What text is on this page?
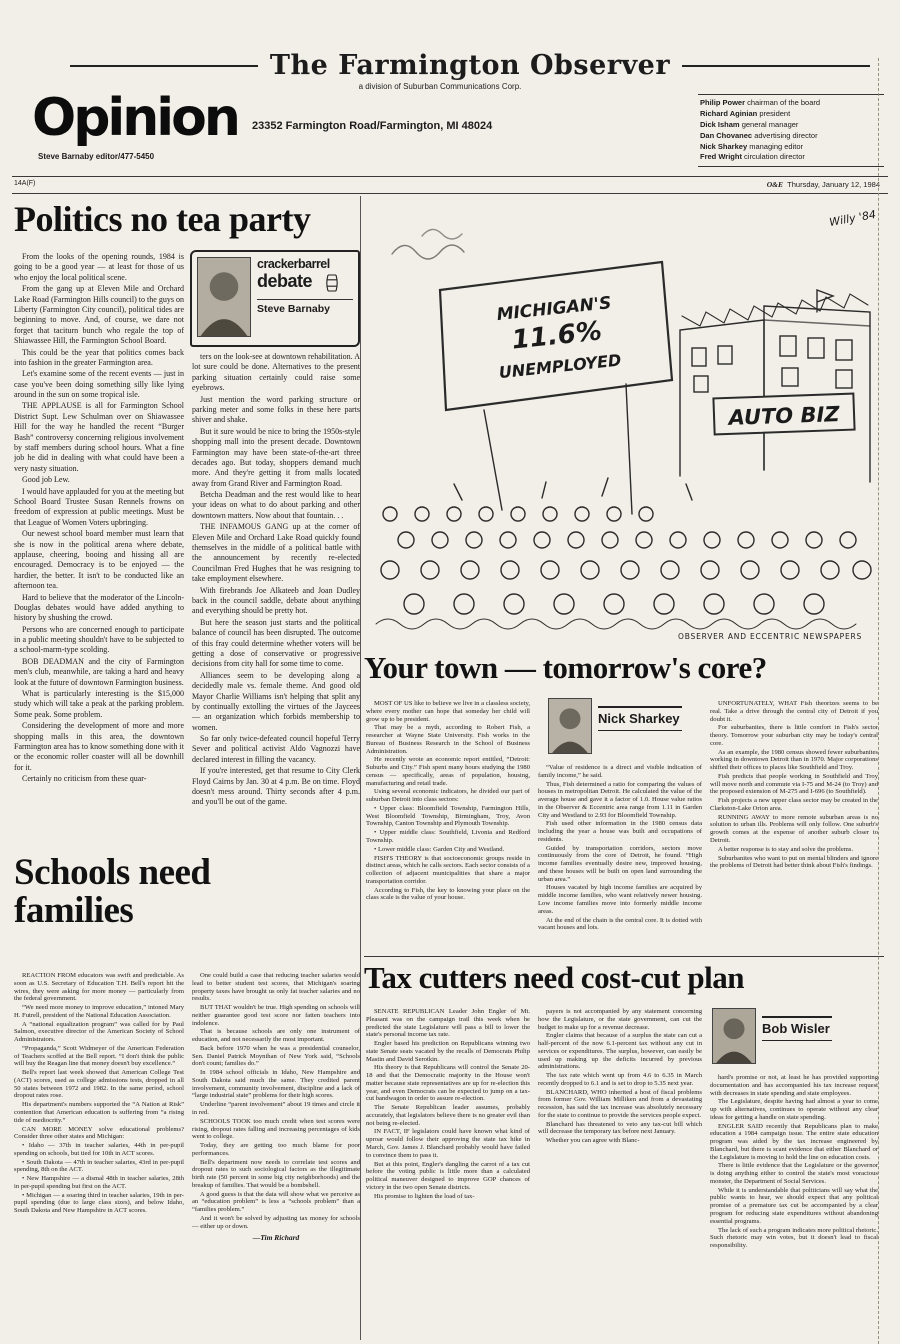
The Farmington Observer
a division of Suburban Communications Corp.
Opinion
Steve Barnaby editor/477-5450
23352 Farmington Road/Farmington, MI 48024
Philip Power chairman of the board
Richard Aginian president
Dick Isham general manager
Dan Chovanec advertising director
Nick Sharkey managing editor
Fred Wright circulation director
14A(F)	O&E Thursday, January 12, 1984
Politics no tea party

From the looks of the opening rounds, 1984 is going to be a good year — at least for those of us who enjoy the local political scene.

From the gang up at Eleven Mile and Orchard Lake Road (Farmington Hills council) to the guys on Liberty (Farmington City council), political tides are beginning to move. And, of course, we dare not forget that taciturn bunch who regale the top of Shiawassee Hill, the Farmington School Board.

This could be the year that politics comes back into fashion in the greater Farmington area.

Let's examine some of the recent events — just in case you've been doing something silly like lying around in the sun on some tropical isle.

THE APPLAUSE is all for Farmington School District Supt. Lew Schulman over on Shiawassee Hill for the way he handled the recent “Burger Bash” controversy concerning religious involvement by staff members during school hours. What a fine job he did in dealing with what could have been a very nasty situation.

Good job Lew.

I would have applauded for you at the meeting but School Board Trustee Susan Rennels frowns on freedom of expression at public meetings. Must be that League of Women Voters upbringing.

Our newest school board member must learn that she is now in the political arena where debate, applause, cheering, booing and hissing all are encouraged. Democracy is to be enjoyed — the hardier, the better. It isn't to be conducted like an afternoon tea.

Hard to believe that the moderator of the Lincoln-Douglas debates would have added anything to history by shushing the crowd.

Persons who are concerned enough to participate in a public meeting shouldn't have to be subjected to a school-marm-type scolding.

BOB DEADMAN and the city of Farmington men's club, meanwhile, are taking a hard and heavy look at the future of downtown Farmington business.

What is particularly interesting is the $15,000 study which will take a peak at the parking problem. Some peak. Some problem.

Considering the development of more and more shopping malls in this area, the downtown Farmington area has to know something done with it or the economic roller coaster will all be downhill for it.

Certainly no criticism from these quar-

crackerbarrel
debate
Steve Barnaby

ters on the look-see at downtown rehabilitation. A lot sure could be done. Alternatives to the present parking situation certainly could raise some eyebrows.

Just mention the word parking structure or parking meter and some folks in these here parts shiver and shake.

But it sure would be nice to bring the 1950s-style shopping mall into the present decade. Downtown Farmington may have been state-of-the-art three decades ago. But today, shoppers demand much more. And they're getting it from malls located away from Grand River and Farmington Road.

Betcha Deadman and the rest would like to hear your ideas on what to do about parking and other downtown matters. Now about that fountain. . .

THE INFAMOUS GANG up at the corner of Eleven Mile and Orchard Lake Road quickly found themselves in the middle of a political battle with the announcement by recently re-elected Councilman Fred Hughes that he was resigning to take employment elsewhere.

With firebrands Joe Alkateeb and Joan Dudley back in the council saddle, debate about anything and everything should be pretty hot.

But here the season just starts and the political balance of council has been disrupted. The outcome of this fray could determine whether voters will be getting a dose of conservative or progressive decisions from city hall for some time to come.

Alliances seem to be developing along a decidedly male vs. female theme. And good old Mayor Charlie Williams isn't helping that split any by continually extolling the virtues of the Jaycees — an organization which forbids membership to women.

So far only twice-defeated council hopeful Terry Sever and political activist Aldo Vagnozzi have declared interest in filling the vacancy.

If you're interested, get that resume to City Clerk Floyd Cairns by Jan. 30 at 4 p.m. Be on time. Floyd doesn't mess around. Thirty seconds after 4 p.m. and you'll be out of the game.

MICHIGAN'S
11.6%
UNEMPLOYED
AUTO BIZ
Willy '84
OBSERVER AND ECCENTRIC NEWSPAPERS
Your town — tomorrow's core?

MOST OF US like to believe we live in a classless society, where every mother can hope that someday her child will grow up to be president.

That may be a myth, according to Robert Fish, a researcher at Wayne State University. Fish works in the Bureau of Business Research in the School of Business Administration.

He recently wrote an economic report entitled, “Detroit: Suburbs and City.” Fish spent many hours studying the 1980 census — specifically, areas of population, housing, manufacturing and retail trade.

Using several economic indicators, he divided our part of suburban Detroit into class sectors:

• Upper class: Bloomfield Township, Farmington Hills, West Bloomfield Township, Birmingham, Troy, Avon Township, Canton Township and Plymouth Township.

• Upper middle class: Southfield, Livonia and Redford Township.

• Lower middle class: Garden City and Westland.

FISH'S THEORY is that socioeconomic groups reside in distinct areas, which he calls sectors. Each sector consists of a collection of adjacent municipalities that share a major transportation corridor.

According to Fish, the key to knowing your place on the class scale is the value of your house.

Nick Sharkey

“Value of residence is a direct and visible indication of family income,” he said.

Thus, Fish determined a ratio for comparing the values of houses in metropolitan Detroit. He calculated the value of the average house and gave it a factor of 1.0. House value ratios in the Observer & Eccentric area range from 1.11 in Garden City and Westland to 2.93 for Bloomfield Township.

Fish used other information in the 1980 census data including the year a house was built and occupations of residents.

Guided by transportation corridors, sectors move continuously from the core of Detroit, he found. “High income families eventually desire new, improved housing, and these houses will be built on open land surrounding the urban area.”

Houses vacated by high income families are acquired by middle income families, who want relatively newer housing. Low income families move into formerly middle income areas.

At the end of the chain is the central core. It is dotted with vacant houses and lots.

UNFORTUNATELY, WHAT Fish theorizes seems to be real. Take a drive through the central city of Detroit if you doubt it.

For suburbanites, there is little comfort in Fish's sector theory. Tomorrow your suburban city may be today's central core.

As an example, the 1980 census showed fewer suburbanites working in downtown Detroit than in 1970. Major corporations shifted their offices to places like Southfield and Troy.

Fish predicts that people working in Southfield and Troy will move north and commute via I-75 and M-24 (to Troy) and the proposed extension of M-275 and I-696 (to Southfield).

Fish projects a new upper class sector may be created in the Clarkston-Lake Orion area.

RUNNING AWAY to more remote suburban areas is no solution to urban ills. Problems will only follow. One suburb's growth comes at the expense of another suburb closer to Detroit.

A better response is to stay and solve the problems.

Suburbanites who want to put on mental blinders and ignore the problems of Detroit had better think about Fish's findings.

Schools need
families

REACTION FROM educators was swift and predictable. As soon as U.S. Secretary of Education T.H. Bell's report hit the wires, they were asking for more money — particularly from the federal government.

“We need more money to improve education,” intoned Mary H. Futrell, president of the National Education Association.

A “national equalization program” was called for by Paul Salmon, executive director of the American Society of School Administrators.

“Propaganda,” Scott Widmeyer of the American Federation of Teachers scoffed at the Bell report. “I don't think the public will buy the Reagan line that money doesn't buy excellence.”

Bell's report last week showed that American College Test (ACT) scores, used as college admissions tests, dropped in all 50 states between 1972 and 1982. In the same period, school dropout rates rose.

His department's numbers supported the “A Nation at Risk” contention that American education is suffering from “a rising tide of mediocrity.”

CAN MORE MONEY solve educational problems? Consider three other states and Michigan:

• Idaho — 37th in teacher salaries, 44th in per-pupil spending on schools, but tied for 10th in ACT scores.

• South Dakota — 47th in teacher salaries, 43rd in per-pupil spending, 8th on the ACT.

• New Hampshire — a dismal 48th in teacher salaries, 28th in per-pupil spending but first on the ACT.

• Michigan — a soaring third in teacher salaries, 19th in per-pupil spending (due to large class sizes), and below Idaho, South Dakota and New Hampshire in ACT scores.

One could build a case that reducing teacher salaries would lead to better student test scores, that Michigan's soaring property taxes have brought us only fat teacher salaries and no results.

BUT THAT wouldn't be true. High spending on schools will neither guarantee good test score nor fatten teachers into indolence.

That is because schools are only one instrument of education, and not necessarily the most important.

Back before 1970 when he was a presidential counselor, Sen. Daniel Patrick Moynihan of New York said, “Schools don't count; families do.”

In 1984 school officials in Idaho, New Hampshire and South Dakota said much the same. They credited parent involvement, community involvement, discipline and a lack of “large industrial state” problems for their high scores.

Underline “parent involvement” about 19 times and circle it in red.

SCHOOLS TOOK too much credit when test scores were rising, dropout rates falling and increasing percentages of kids went to college.

Today, they are getting too much blame for poor performances.

Bell's department now needs to correlate test scores and dropout rates to such sociological factors as the illegitimate birth rate (50 percent in some big city neighborhoods) and the breakup of families. That would be a bombshell.

A good guess is that the data will show what we perceive as an “education problem” is less a “schools problem” than a “families problem.”

And it won't be solved by adjusting tax money for schools — either up or down.

—Tim Richard
Tax cutters need cost-cut plan

SENATE REPUBLICAN Leader John Engler of Mt. Pleasant was on the campaign trail this week when he predicted the state Legislature will pass a bill to lower the state's personal income tax rate.

Engler based his prediction on Republicans winning two state Senate seats vacated by the recalls of Democrats Philip Mastin and David Serotkin.

His theory is that Republicans will control the Senate 20-18 and that the Democratic majority in the House won't matter because state representatives are up for re-election this year, and even Democrats can be expected to jump on a tax-cut bandwagon in order to assure re-election.

The Senate Republican leader assumes, probably accurately, that legislators believe there is no greater evil than not being re-elected.

IN FACT, IF legislators could have known what kind of uproar would follow their approving the state tax hike in March, Gov. James J. Blanchard probably would have failed to convince them to pass it.

But at this point, Engler's dangling the carrot of a tax cut before the voting public is little more than a calculated political maneuver designed to improve GOP chances of victory in the two open Senate districts.

His promise to lighten the load of tax-

payers is not accompanied by any statement concerning how the Legislature, or the state government, can cut the budget to make up for a revenue decrease.

Engler claims that because of a surplus the state can cut a half-percent of the now 6.1-percent tax without any cut in services or expenditures. The surplus, however, can easily be used up making up the deficits incurred by previous administrations.

The tax rate which went up from 4.6 to 6.35 in March recently dropped to 6.1 and is set to drop to 5.35 next year.

BLANCHARD, WHO inherited a host of fiscal problems from former Gov. William Milliken and from a devastating recession, has said the tax increase was absolutely necessary for the state to continue to provide the services people expect.

Blanchard has threatened to veto any tax-cut bill which will decrease the temporary tax before next January.

Whether you can agree with Blanc-

Bob Wisler

hard's promise or not, at least he has provided supporting documentation and has accompanied his tax increase request with decreases in state spending and state employees.

The Legislature, despite having had almost a year to come up with alternatives, continues to operate without any clear ideas for getting a handle on state spending.

ENGLER SAID recently that Republicans plan to make education a 1984 campaign issue. The entire state education program was aided by the tax increase engineered by Blanchard, but there is scant evidence that either Blanchard or the Legislature is moving to hold the line on education costs.

There is little evidence that the Legislature or the governor is doing anything either to control the state's most voracious monster, the Department of Social Services.

While it is understandable that politicians will say what the public wants to hear, we should expect that any political promise of a premature tax cut be accompanied by a clear program for reducing state expenditures without abandoning essential programs.

The lack of such a program indicates more political rhetoric. Such rhetoric may win votes, but it doesn't lead to fiscal responsibility.
